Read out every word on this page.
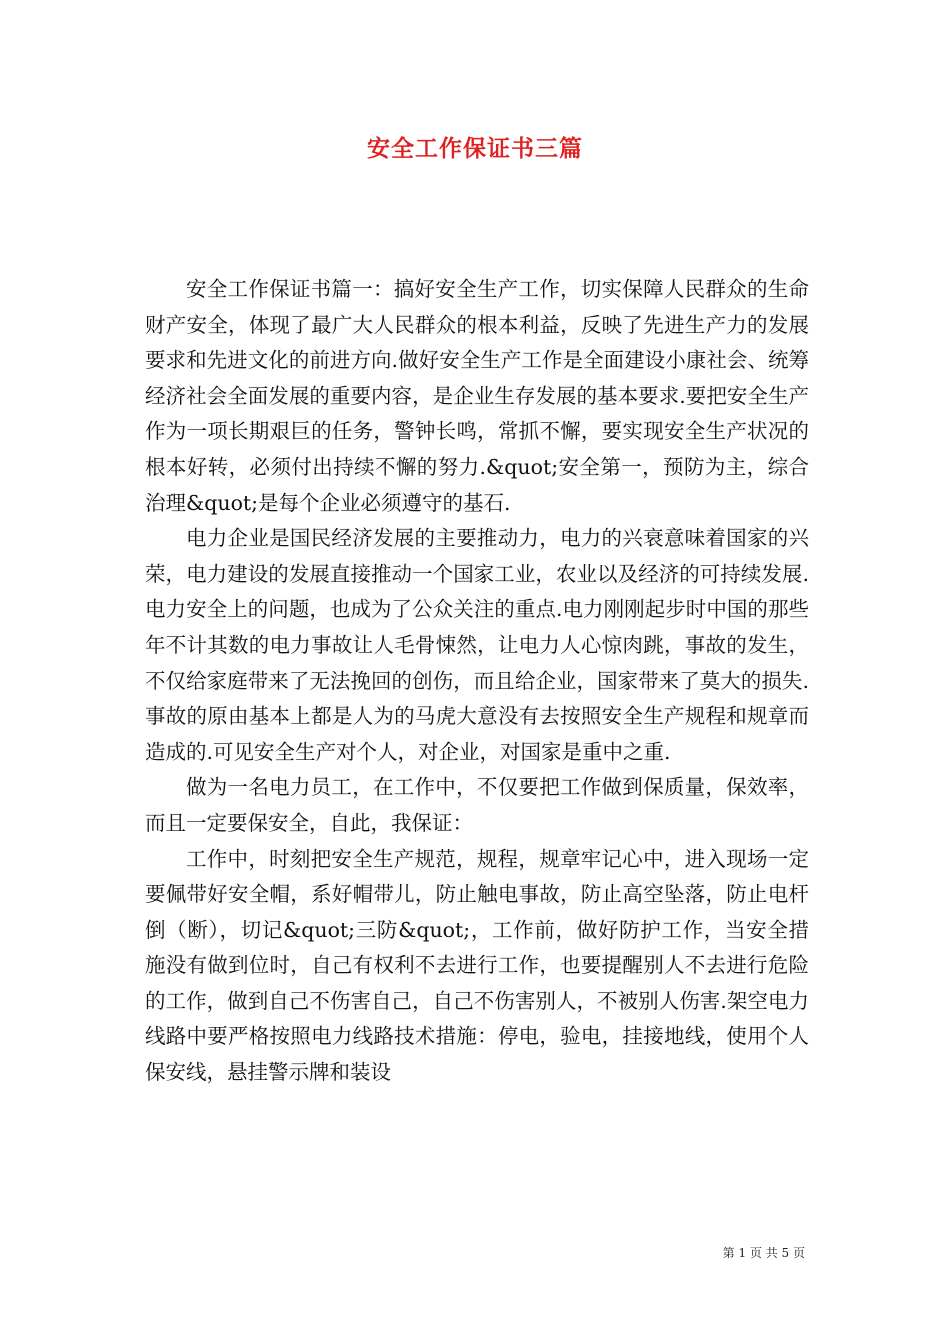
安全工作保证书三篇

安全工作保证书篇一：搞好安全生产工作，切实保障人民群众的生命财产安全，体现了最广大人民群众的根本利益，反映了先进生产力的发展要求和先进文化的前进方向.做好安全生产工作是全面建设小康社会、统筹经济社会全面发展的重要内容，是企业生存发展的基本要求.要把安全生产作为一项长期艰巨的任务，警钟长鸣，常抓不懈，要实现安全生产状况的根本好转，必须付出持续不懈的努力.&quot;安全第一，预防为主，综合治理&quot;是每个企业必须遵守的基石.

电力企业是国民经济发展的主要推动力，电力的兴衰意味着国家的兴荣，电力建设的发展直接推动一个国家工业，农业以及经济的可持续发展.电力安全上的问题，也成为了公众关注的重点.电力刚刚起步时中国的那些年不计其数的电力事故让人毛骨悚然，让电力人心惊肉跳，事故的发生，不仅给家庭带来了无法挽回的创伤，而且给企业，国家带来了莫大的损失.事故的原由基本上都是人为的马虎大意没有去按照安全生产规程和规章而造成的.可见安全生产对个人，对企业，对国家是重中之重.

做为一名电力员工，在工作中，不仅要把工作做到保质量，保效率，而且一定要保安全，自此，我保证：

工作中，时刻把安全生产规范，规程，规章牢记心中，进入现场一定要佩带好安全帽，系好帽带儿，防止触电事故，防止高空坠落，防止电杆倒（断），切记&quot;三防&quot;，工作前，做好防护工作，当安全措施没有做到位时，自己有权利不去进行工作，也要提醒别人不去进行危险的工作，做到自己不伤害自己，自己不伤害别人，不被别人伤害.架空电力线路中要严格按照电力线路技术措施：停电，验电，挂接地线，使用个人保安线，悬挂警示牌和装设

第 1 页 共 5 页
